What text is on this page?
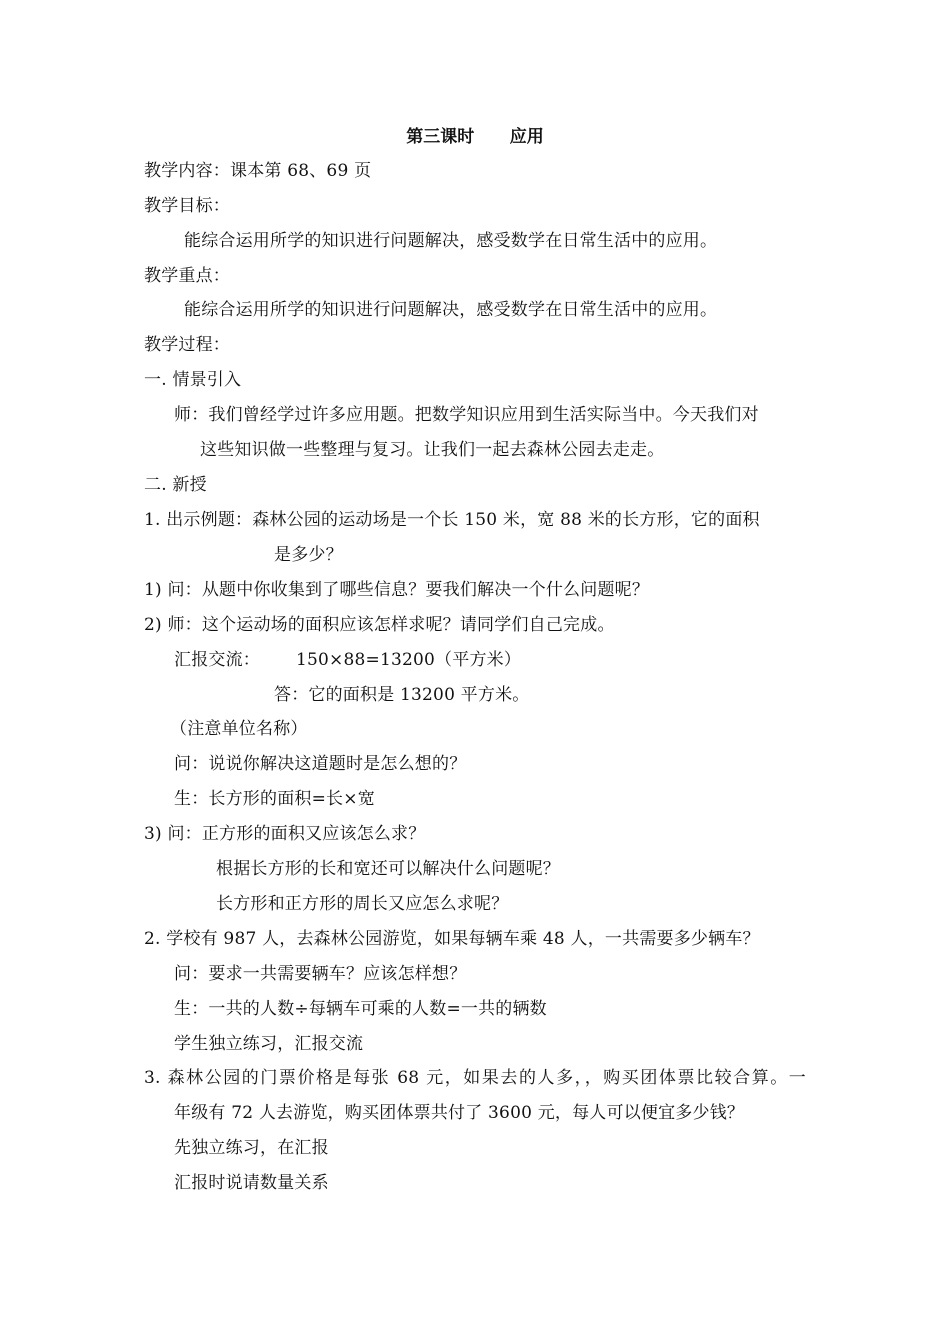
第三课时      应用
教学内容：课本第 68、69 页
教学目标：
能综合运用所学的知识进行问题解决，感受数学在日常生活中的应用。
教学重点：
能综合运用所学的知识进行问题解决，感受数学在日常生活中的应用。
教学过程：
一. 情景引入
师：我们曾经学过许多应用题。把数学知识应用到生活实际当中。今天我们对
这些知识做一些整理与复习。让我们一起去森林公园去走走。
二. 新授
1. 出示例题：森林公园的运动场是一个长 150 米，宽 88 米的长方形，它的面积
是多少？
1) 问：从题中你收集到了哪些信息？要我们解决一个什么问题呢？
2) 师：这个运动场的面积应该怎样求呢？请同学们自己完成。
汇报交流： 150×88=13200（平方米）
答：它的面积是 13200 平方米。
（注意单位名称）
问：说说你解决这道题时是怎么想的？
生：长方形的面积=长×宽
3) 问：正方形的面积又应该怎么求？
根据长方形的长和宽还可以解决什么问题呢？
长方形和正方形的周长又应怎么求呢？
2. 学校有 987 人，去森林公园游览，如果每辆车乘 48 人，一共需要多少辆车？
问：要求一共需要辆车？应该怎样想？
生：一共的人数÷每辆车可乘的人数=一共的辆数
学生独立练习，汇报交流
3. 森林公园的门票价格是每张 68 元，如果去的人多，，购买团体票比较合算。一
年级有 72 人去游览，购买团体票共付了 3600 元，每人可以便宜多少钱？
先独立练习，在汇报
汇报时说请数量关系
